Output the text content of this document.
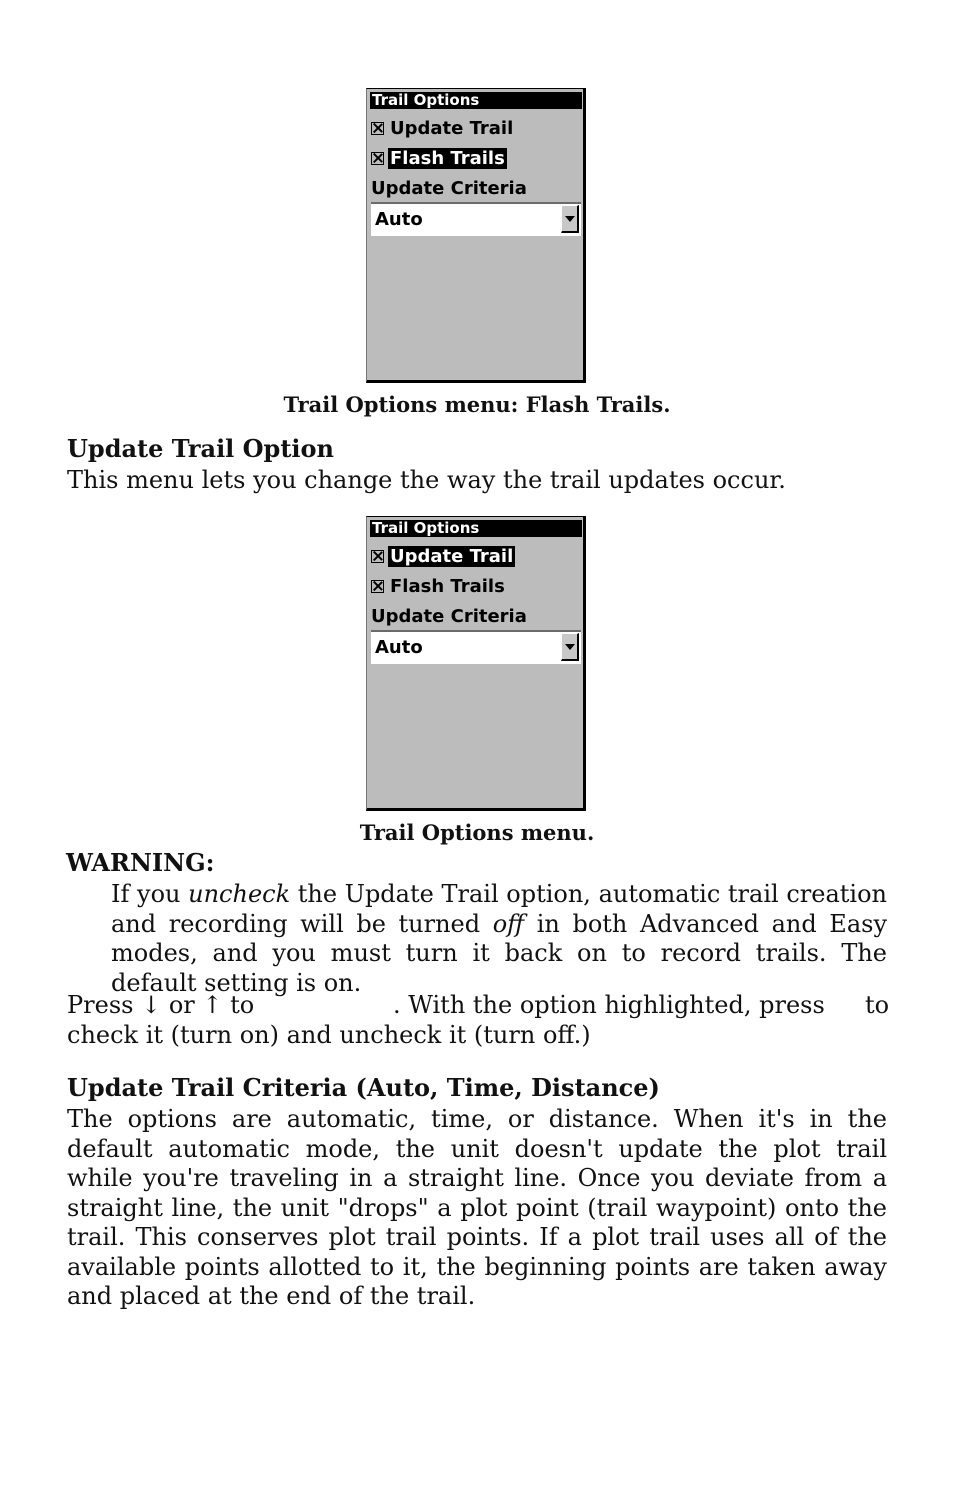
Trail Options
Update Trail
Flash Trails
Update Criteria
Auto
Trail Options menu: Flash Trails.
Update Trail Option
This menu lets you change the way the trail updates occur.
Trail Options
Update Trail
Flash Trails
Update Criteria
Auto
Trail Options menu.
WARNING:
If you uncheck the Update Trail option, automatic trail creation and recording will be turned off in both Advanced and Easy modes, and you must turn it back on to record trails. The default setting is on.
Press ↓ or ↑ to	. With the option highlighted, press to
check it (turn on) and uncheck it (turn off.)
Update Trail Criteria (Auto, Time, Distance)
The options are automatic, time, or distance. When it's in the default automatic mode, the unit doesn't update the plot trail while you're traveling in a straight line. Once you deviate from a straight line, the unit "drops" a plot point (trail waypoint) onto the trail. This conserves plot trail points. If a plot trail uses all of the available points allotted to it, the beginning points are taken away and placed at the end of the trail.
